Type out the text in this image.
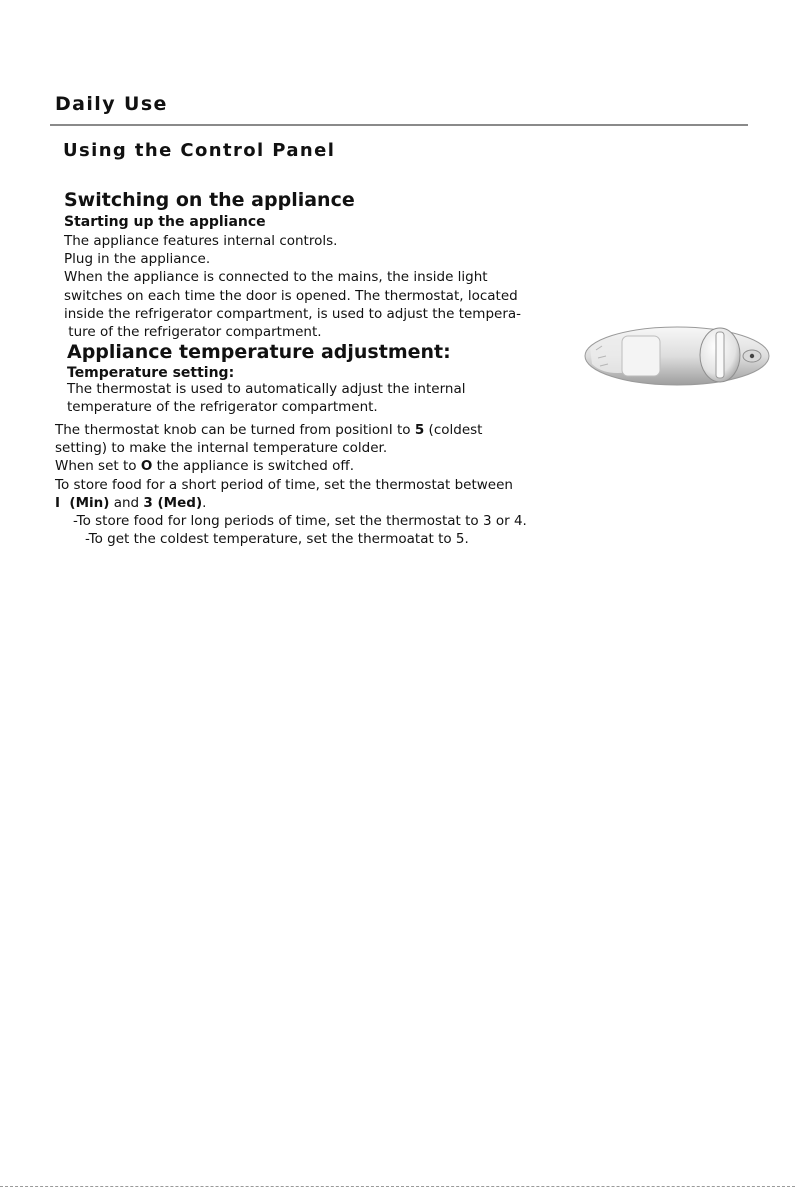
Daily Use
Using the Control Panel
Switching on the appliance
Starting up the appliance

The appliance features internal controls.

Plug in the appliance.

When the appliance is connected to the mains, the inside light

switches on each time the door is opened. The thermostat, located

inside the refrigerator compartment, is used to adjust the tempera-

ture of the refrigerator compartment.

Appliance temperature adjustment:
Temperature setting:

The thermostat is used to automatically adjust the internal

temperature of the refrigerator compartment.

The thermostat knob can be turned from positionI to 5 (coldest

setting) to make the internal temperature colder.

When set to O the appliance is switched off.

To store food for a short period of time, set the thermostat between

I  (Min) and 3 (Med).

-To store food for long periods of time, set the thermostat to 3 or 4.

-To get the coldest temperature, set the thermoatat to 5.
